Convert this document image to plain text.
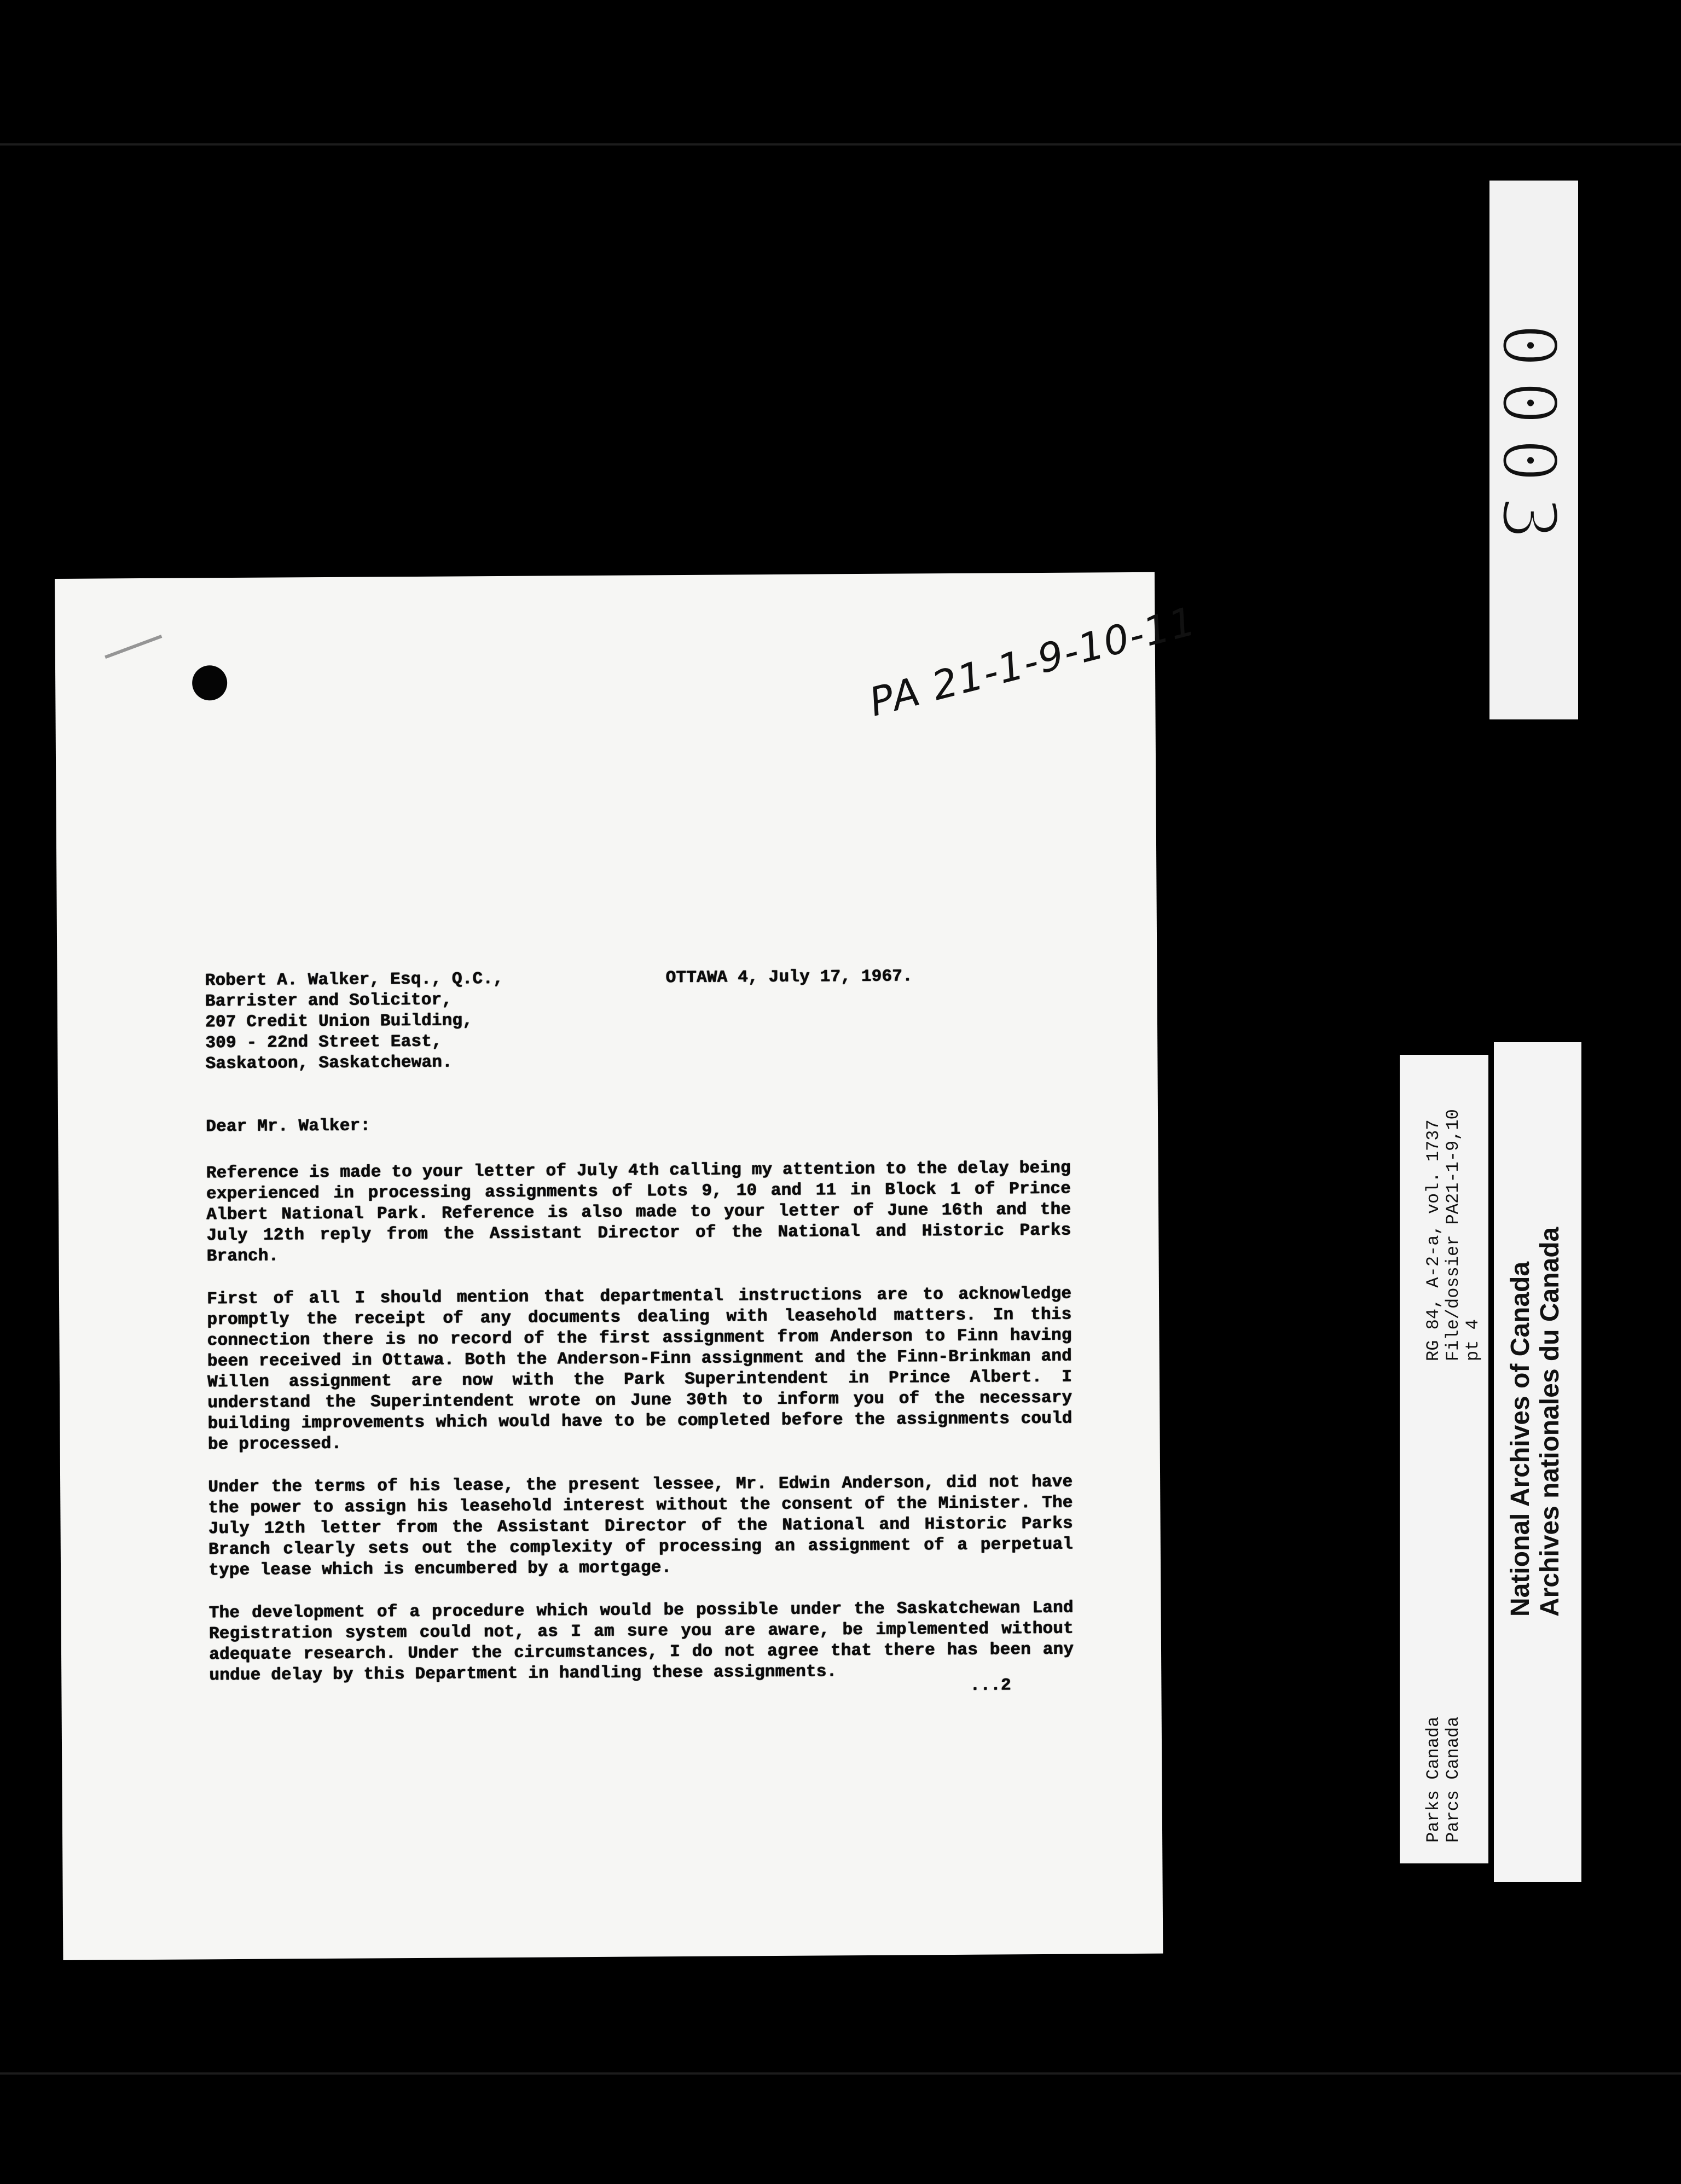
PA 21-1-9-10-11
Robert A. Walker, Esq., Q.C.,
Barrister and Solicitor,
207 Credit Union Building,
309 - 22nd Street East,
Saskatoon, Saskatchewan.
OTTAWA 4, July 17, 1967.
Dear Mr. Walker:

Reference is made to your letter of July 4th calling my attention to the delay being experienced in processing assignments of Lots 9, 10 and 11 in Block 1 of Prince Albert National Park. Reference is also made to your letter of June 16th and the July 12th reply from the Assistant Director of the National and Historic Parks Branch.

First of all I should mention that departmental instructions are to acknowledge promptly the receipt of any documents dealing with leasehold matters. In this connection there is no record of the first assignment from Anderson to Finn having been received in Ottawa. Both the Anderson-Finn assignment and the Finn-Brinkman and Willen assignment are now with the Park Superintendent in Prince Albert. I understand the Superintendent wrote on June 30th to inform you of the necessary building improvements which would have to be completed before the assignments could be processed.

Under the terms of his lease, the present lessee, Mr. Edwin Anderson, did not have the power to assign his leasehold interest without the consent of the Minister. The July 12th letter from the Assistant Director of the National and Historic Parks Branch clearly sets out the complexity of processing an assignment of a perpetual type lease which is encumbered by a mortgage.

The development of a procedure which would be possible under the Saskatchewan Land Registration system could not, as I am sure you are aware, be implemented without adequate research. Under the circumstances, I do not agree that there has been any undue delay by this Department in handling these assignments.

...2
0003
RG 84, A-2-a, vol. 1737 File/dossier PA21-1-9,10 pt 4
Parks Canada Parcs Canada
National Archives of Canada Archives nationales du Canada
